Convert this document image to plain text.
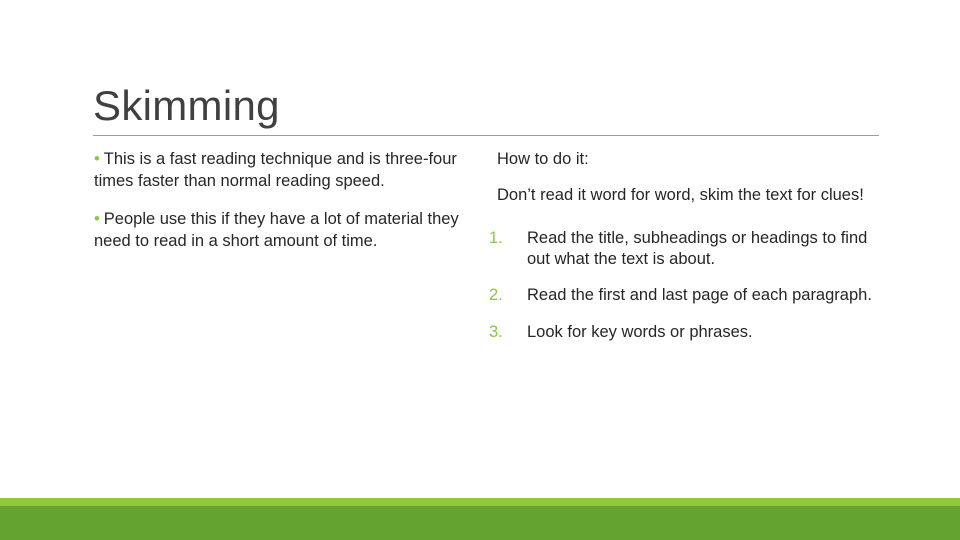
Skimming
• This is a fast reading technique and is three-four times faster than normal reading speed.
• People use this if they have a lot of material they need to read in a short amount of time.

How to do it:

Don’t read it word for word, skim the text for clues!

1.	Read the title, subheadings or headings to find out what the text is about.
2.	Read the first and last page of each paragraph.
3.	Look for key words or phrases.
